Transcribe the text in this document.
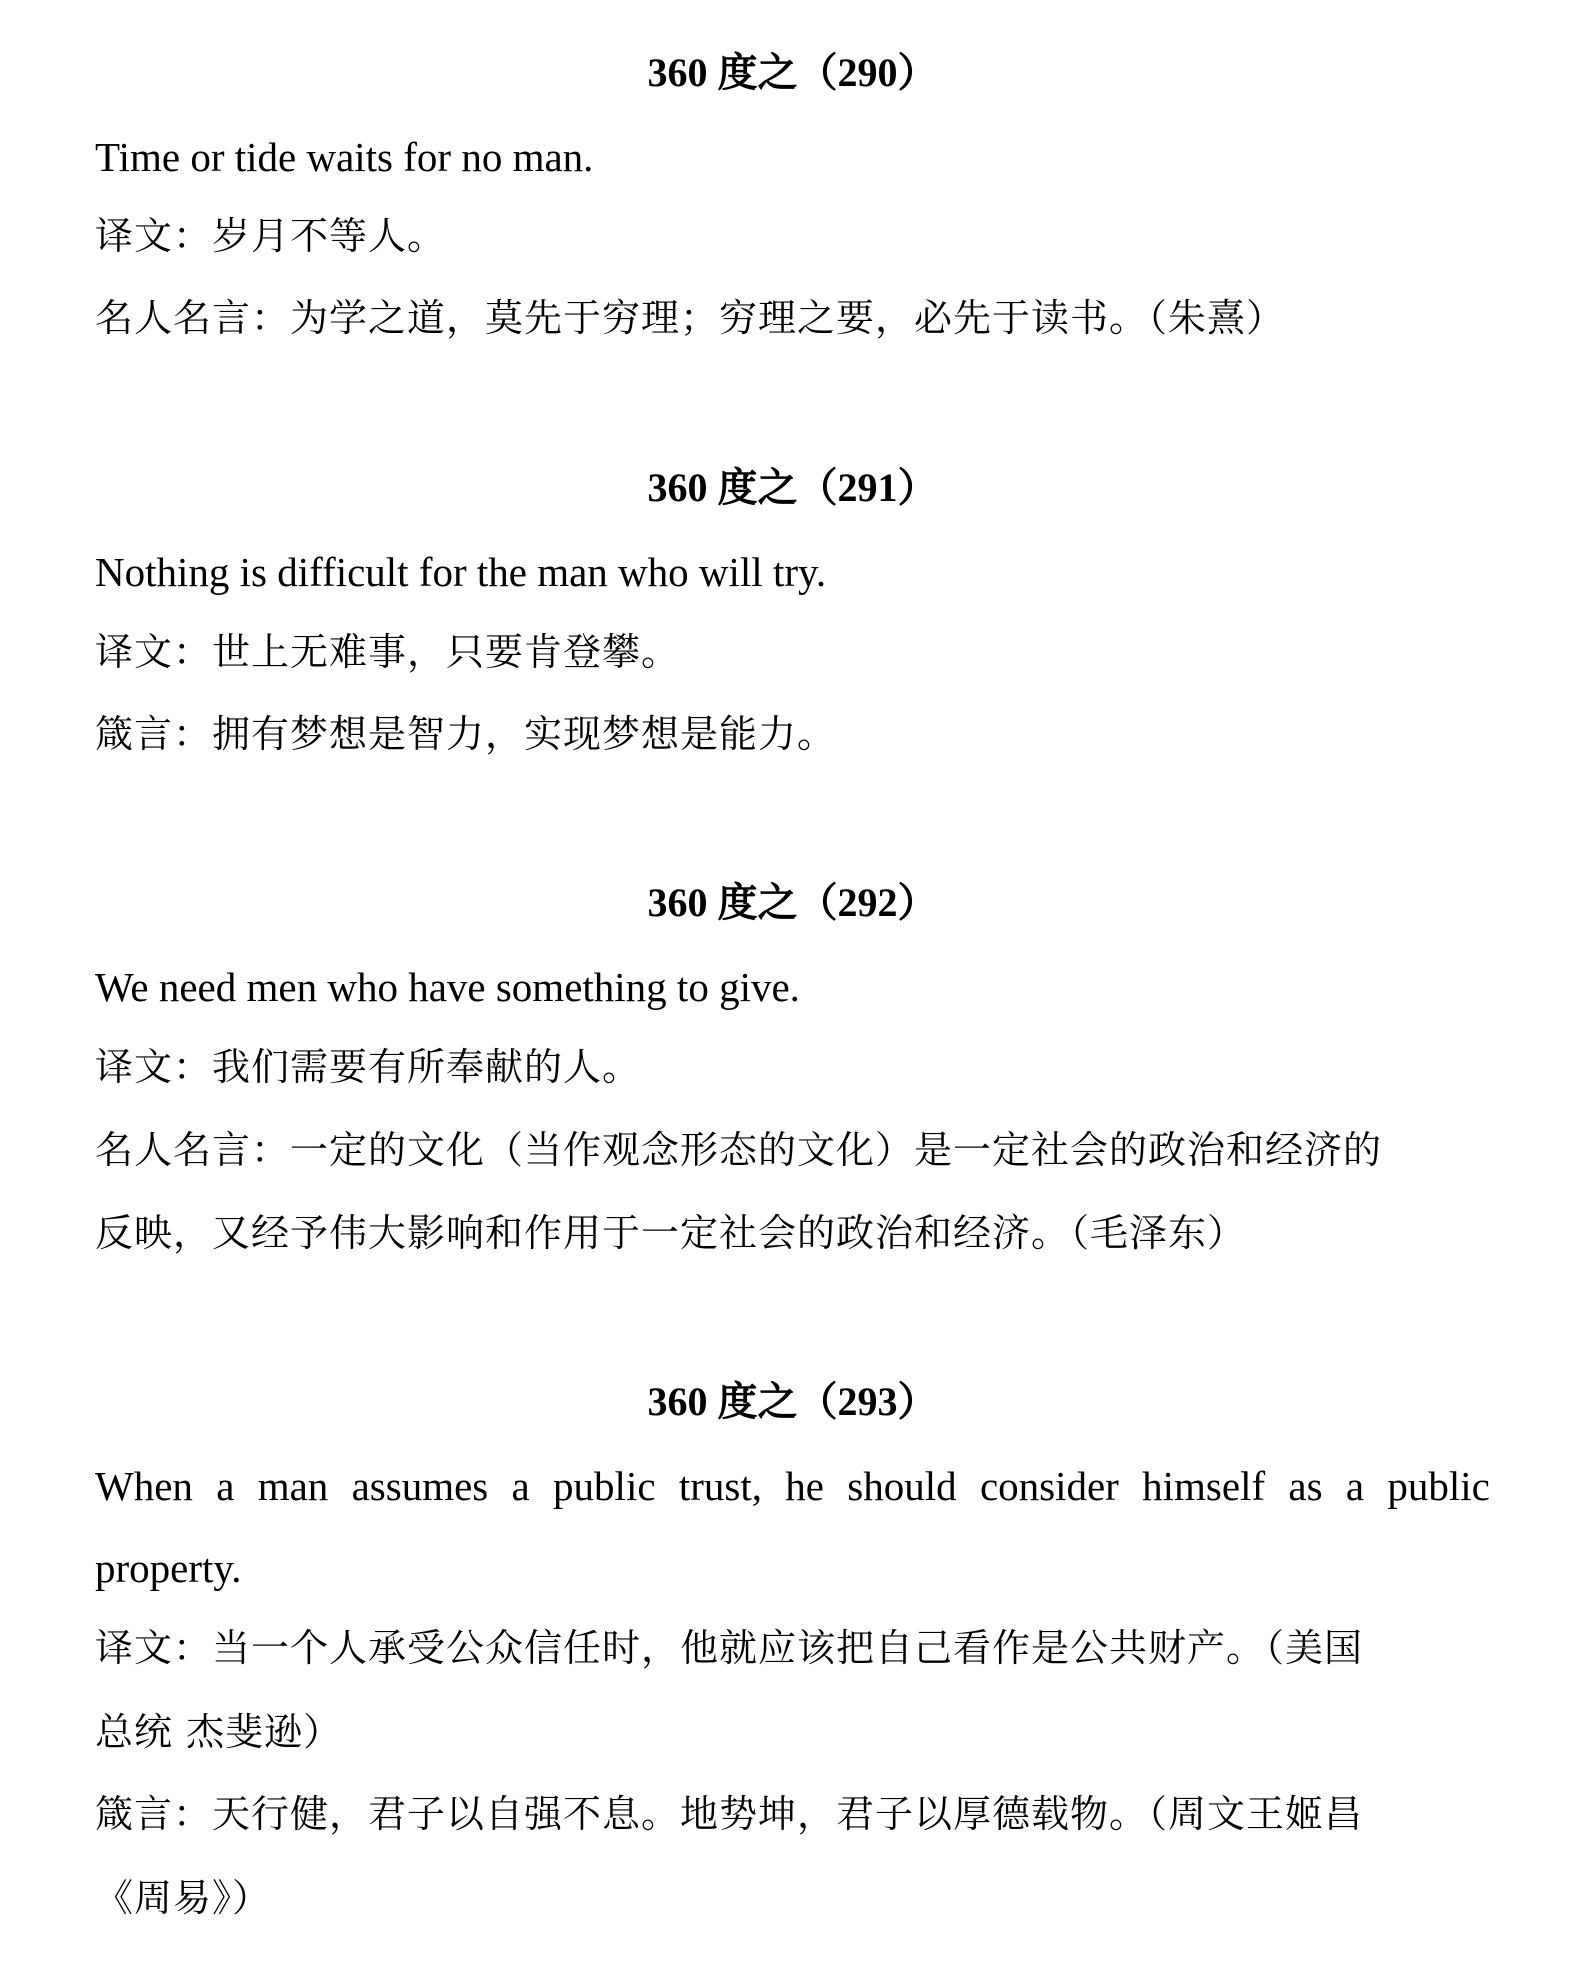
360 度之（290）
Time or tide waits for no man.
译文：岁月不等人。
名人名言：为学之道，莫先于穷理；穷理之要，必先于读书。（朱熹）
360 度之（291）
Nothing is difficult for the man who will try.
译文：世上无难事，只要肯登攀。
箴言：拥有梦想是智力，实现梦想是能力。
360 度之（292）
We need men who have something to give.
译文：我们需要有所奉献的人。
名人名言：一定的文化（当作观念形态的文化）是一定社会的政治和经济的
反映，又经予伟大影响和作用于一定社会的政治和经济。（毛泽东）
360 度之（293）
When a man assumes a public trust, he should consider himself as a public
property.
译文：当一个人承受公众信任时，他就应该把自己看作是公共财产。（美国
总统 杰斐逊）
箴言：天行健，君子以自强不息。地势坤，君子以厚德载物。（周文王姬昌
《周易》）
